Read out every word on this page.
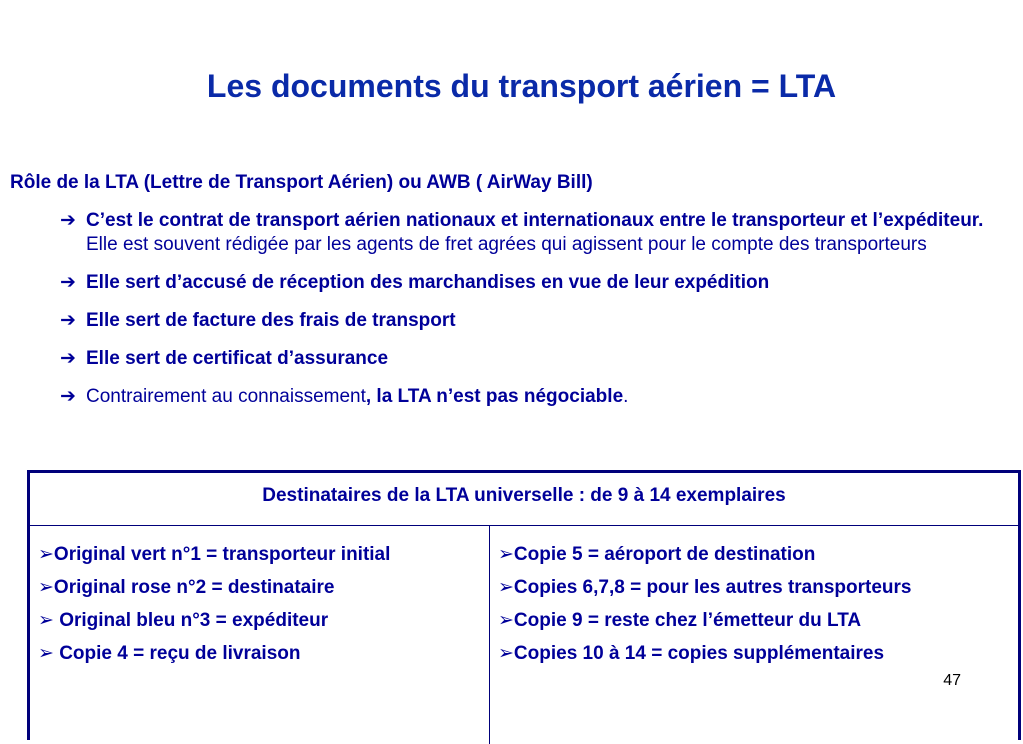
Les documents du transport aérien = LTA
Rôle de la LTA (Lettre de Transport Aérien) ou AWB ( AirWay Bill)
➔ C’est le contrat de transport aérien nationaux et internationaux entre le transporteur et l’expéditeur. Elle est souvent rédigée par les agents de fret agrées qui agissent pour le compte des transporteurs
➔ Elle sert d’accusé de réception des marchandises en vue de leur expédition
➔ Elle sert de facture des frais de transport
➔ Elle sert de certificat d’assurance
➔ Contrairement au connaissement, la LTA n’est pas négociable.
Destinataires de la LTA universelle : de 9 à 14 exemplaires
➢Original vert n°1 = transporteur initial
➢Original rose n°2 = destinataire
➢ Original bleu n°3 = expéditeur
➢ Copie 4 = reçu de livraison
➢Copie 5 = aéroport de destination
➢Copies 6,7,8 = pour les autres transporteurs
➢Copie 9 = reste chez l’émetteur du LTA
➢Copies 10 à 14 = copies supplémentaires
47
